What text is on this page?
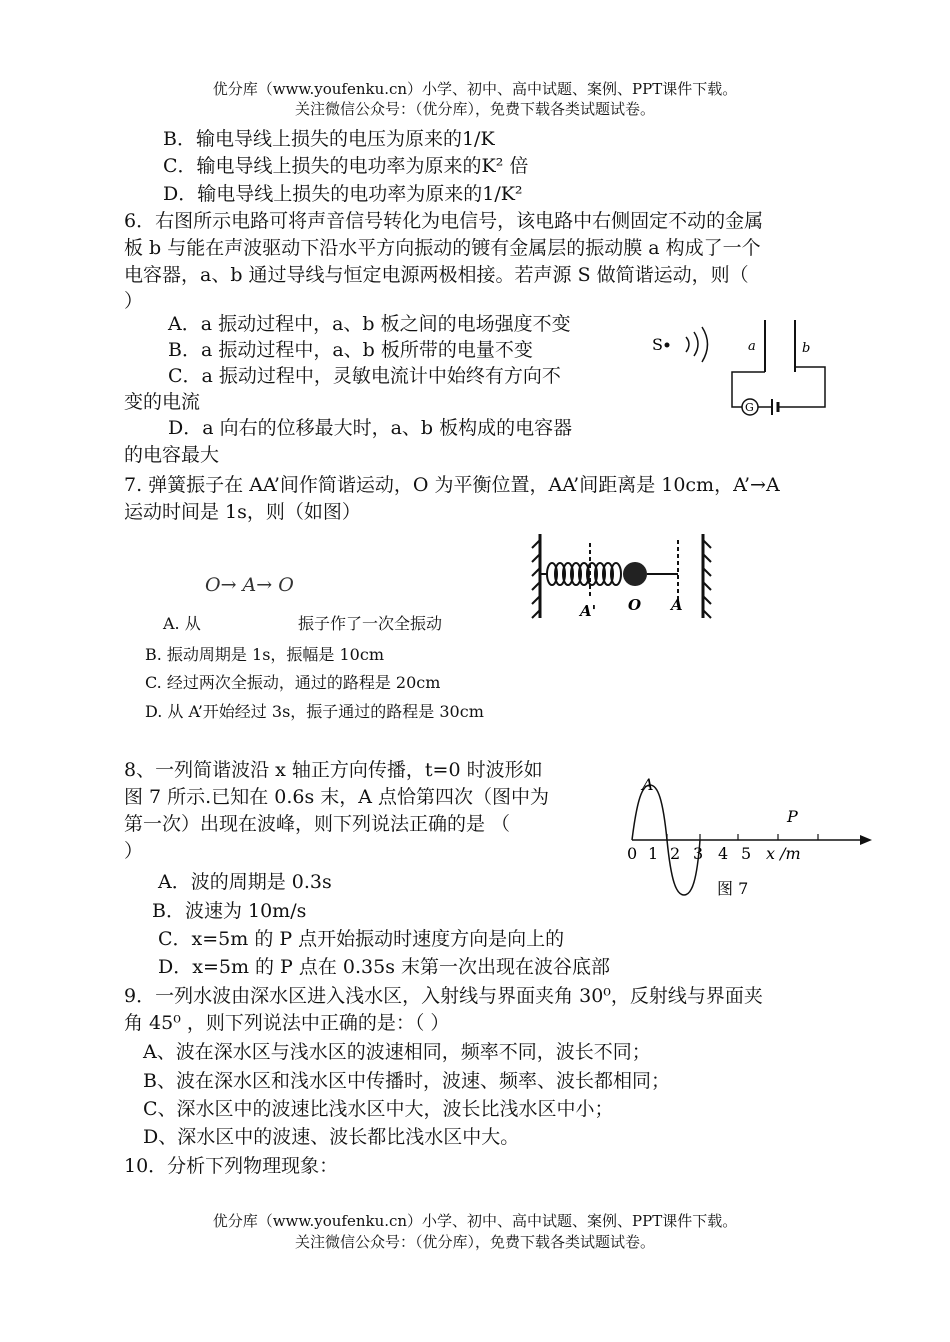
优分库（www.youfenku.cn）小学、初中、高中试题、案例、PPT课件下载。
关注微信公众号：（优分库），免费下载各类试题试卷。
B．输电导线上损失的电压为原来的1/K
C．输电导线上损失的电功率为原来的K² 倍
D．输电导线上损失的电功率为原来的1/K²
6．右图所示电路可将声音信号转化为电信号，该电路中右侧固定不动的金属
板 b 与能在声波驱动下沿水平方向振动的镀有金属层的振动膜 a 构成了一个
电容器，a、b 通过导线与恒定电源两极相接。若声源 S 做简谐运动，则（
）
A．a 振动过程中，a、b 板之间的电场强度不变
B．a 振动过程中，a、b 板所带的电量不变
C．a 振动过程中，灵敏电流计中始终有方向不
变的电流
D．a 向右的位移最大时，a、b 板构成的电容器
的电容最大
S	a	b
G
7. 弹簧振子在 AA’间作简谐运动，O 为平衡位置，AA’间距离是 10cm，A’→A
运动时间是 1s，则（如图）
O→ A→ O
A. 从	振子作了一次全振动
B. 振动周期是 1s，振幅是 10cm
C. 经过两次全振动，通过的路程是 20cm
D. 从 A’开始经过 3s，振子通过的路程是 30cm
A' O A
8、一列简谐波沿 x 轴正方向传播，t=0 时波形如
图 7 所示.已知在 0.6s 末，A 点恰第四次（图中为
第一次）出现在波峰，则下列说法正确的是 （
）
A．波的周期是 0.3s
B．波速为 10m/s
C．x=5m 的 P 点开始振动时速度方向是向上的
D．x=5m 的 P 点在 0.35s 末第一次出现在波谷底部
A
P
0 1 2 3 4 5 x /m
图 7
9．一列水波由深水区进入浅水区，入射线与界面夹角 30⁰，反射线与界面夹
角 45⁰ ，则下列说法中正确的是：（ ）
A、波在深水区与浅水区的波速相同，频率不同，波长不同；
B、波在深水区和浅水区中传播时，波速、频率、波长都相同；
C、深水区中的波速比浅水区中大，波长比浅水区中小；
D、深水区中的波速、波长都比浅水区中大。
10．分析下列物理现象：
优分库（www.youfenku.cn）小学、初中、高中试题、案例、PPT课件下载。
关注微信公众号：（优分库），免费下载各类试题试卷。
